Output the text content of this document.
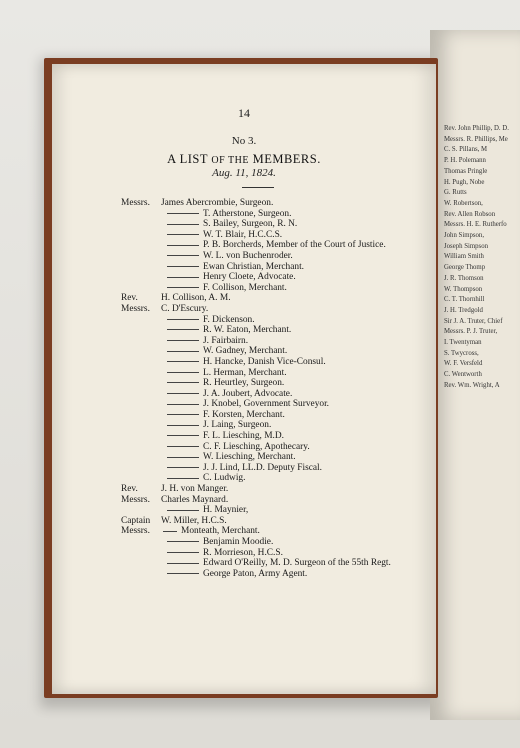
Rev. John Phillip, D. D.
Messrs. R. Phillips, Me
C. S. Pillans, M
P. H. Polemann
Thomas Pringle
H. Pugh, Nobe
G. Rutts
W. Robertson,
Rev. Allen Robson
Messrs. H. E. Rutherfo
John Simpson,
Joseph Simpson
William Smith
George Thomp
J. R. Thomson
W. Thompson
C. T. Thornhill
J. H. Tredgold
Sir J. A. Truter, Chief
Messrs. P. J. Truter,
I. Twentyman
S. Twycross,
W. F. Versfeld
C. Wentworth
Rev. Wm. Wright, A
14
No 3.
A LIST OF THE MEMBERS.
Aug. 11, 1824.
Messrs. James Abercrombie, Surgeon.
T. Atherstone, Surgeon.
S. Bailey, Surgeon, R. N.
W. T. Blair, H.C.C.S.
P. B. Borcherds, Member of the Court of Justice.
W. L. von Buchenroder.
Ewan Christian, Merchant.
Henry Cloete, Advocate.
F. Collison, Merchant.
Rev. H. Collison, A. M.
Messrs. C. D'Escury.
F. Dickenson.
R. W. Eaton, Merchant.
J. Fairbairn.
W. Gadney, Merchant.
H. Hancke, Danish Vice-Consul.
L. Herman, Merchant.
R. Heurtley, Surgeon.
J. A. Joubert, Advocate.
J. Knobel, Government Surveyor.
F. Korsten, Merchant.
J. Laing, Surgeon.
F. L. Liesching, M.D.
C. F. Liesching, Apothecary.
W. Liesching, Merchant.
J. J. Lind, LL.D. Deputy Fiscal.
C. Ludwig.
Rev. J. H. von Manger.
Messrs. Charles Maynard.
H. Maynier,
Captain W. Miller, H.C.S.
Messrs.	Monteath, Merchant.
Benjamin Moodie.
R. Morrieson, H.C.S.
Edward O'Reilly, M. D. Surgeon of the 55th Regt.
George Paton, Army Agent.
